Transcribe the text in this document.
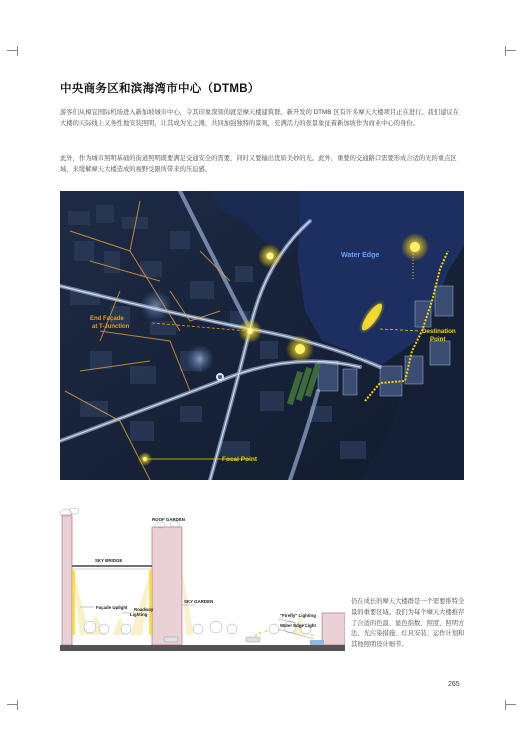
中央商务区和滨海湾市中心（DTMB）
游客们从樟宜国际机场进入新加坡城市中心，令其印象深刻的就是摩天楼建筑群。新开发的 DTMB 区有许多摩天大楼项目正在进行。我们建议在大楼的天际线上又务性地安装照明，让其成为光之滩，共同加强独特的景观，充满活力的夜景象征着新加坡作为商业中心的身份。
此外，作为城市照明基础的街道照明既要满足交通安全的需要，同时又要输出优质美妙的光。此外，重要的交通路口需要形成合适的光的重点区域，来缓解摩天大楼造成的视野受限所带来的压迫感。
Water Edge
End Façade at T-Junction
Destination Point
Focal Point
ROOF GARDEN
SKY BRIDGE
Façade Uplight	Roadway Lighting
SKY GARDEN
"Firefly" Lighting
Water Edge Light
仍在成长的摩天大楼群是一个需要推特全景的重要区域。我们为每个摩天大楼推荐了合适的色温、显色指数、照度、照明方法、光污染措施、灯具安装、运作计划和其他照明设计细节。
265
